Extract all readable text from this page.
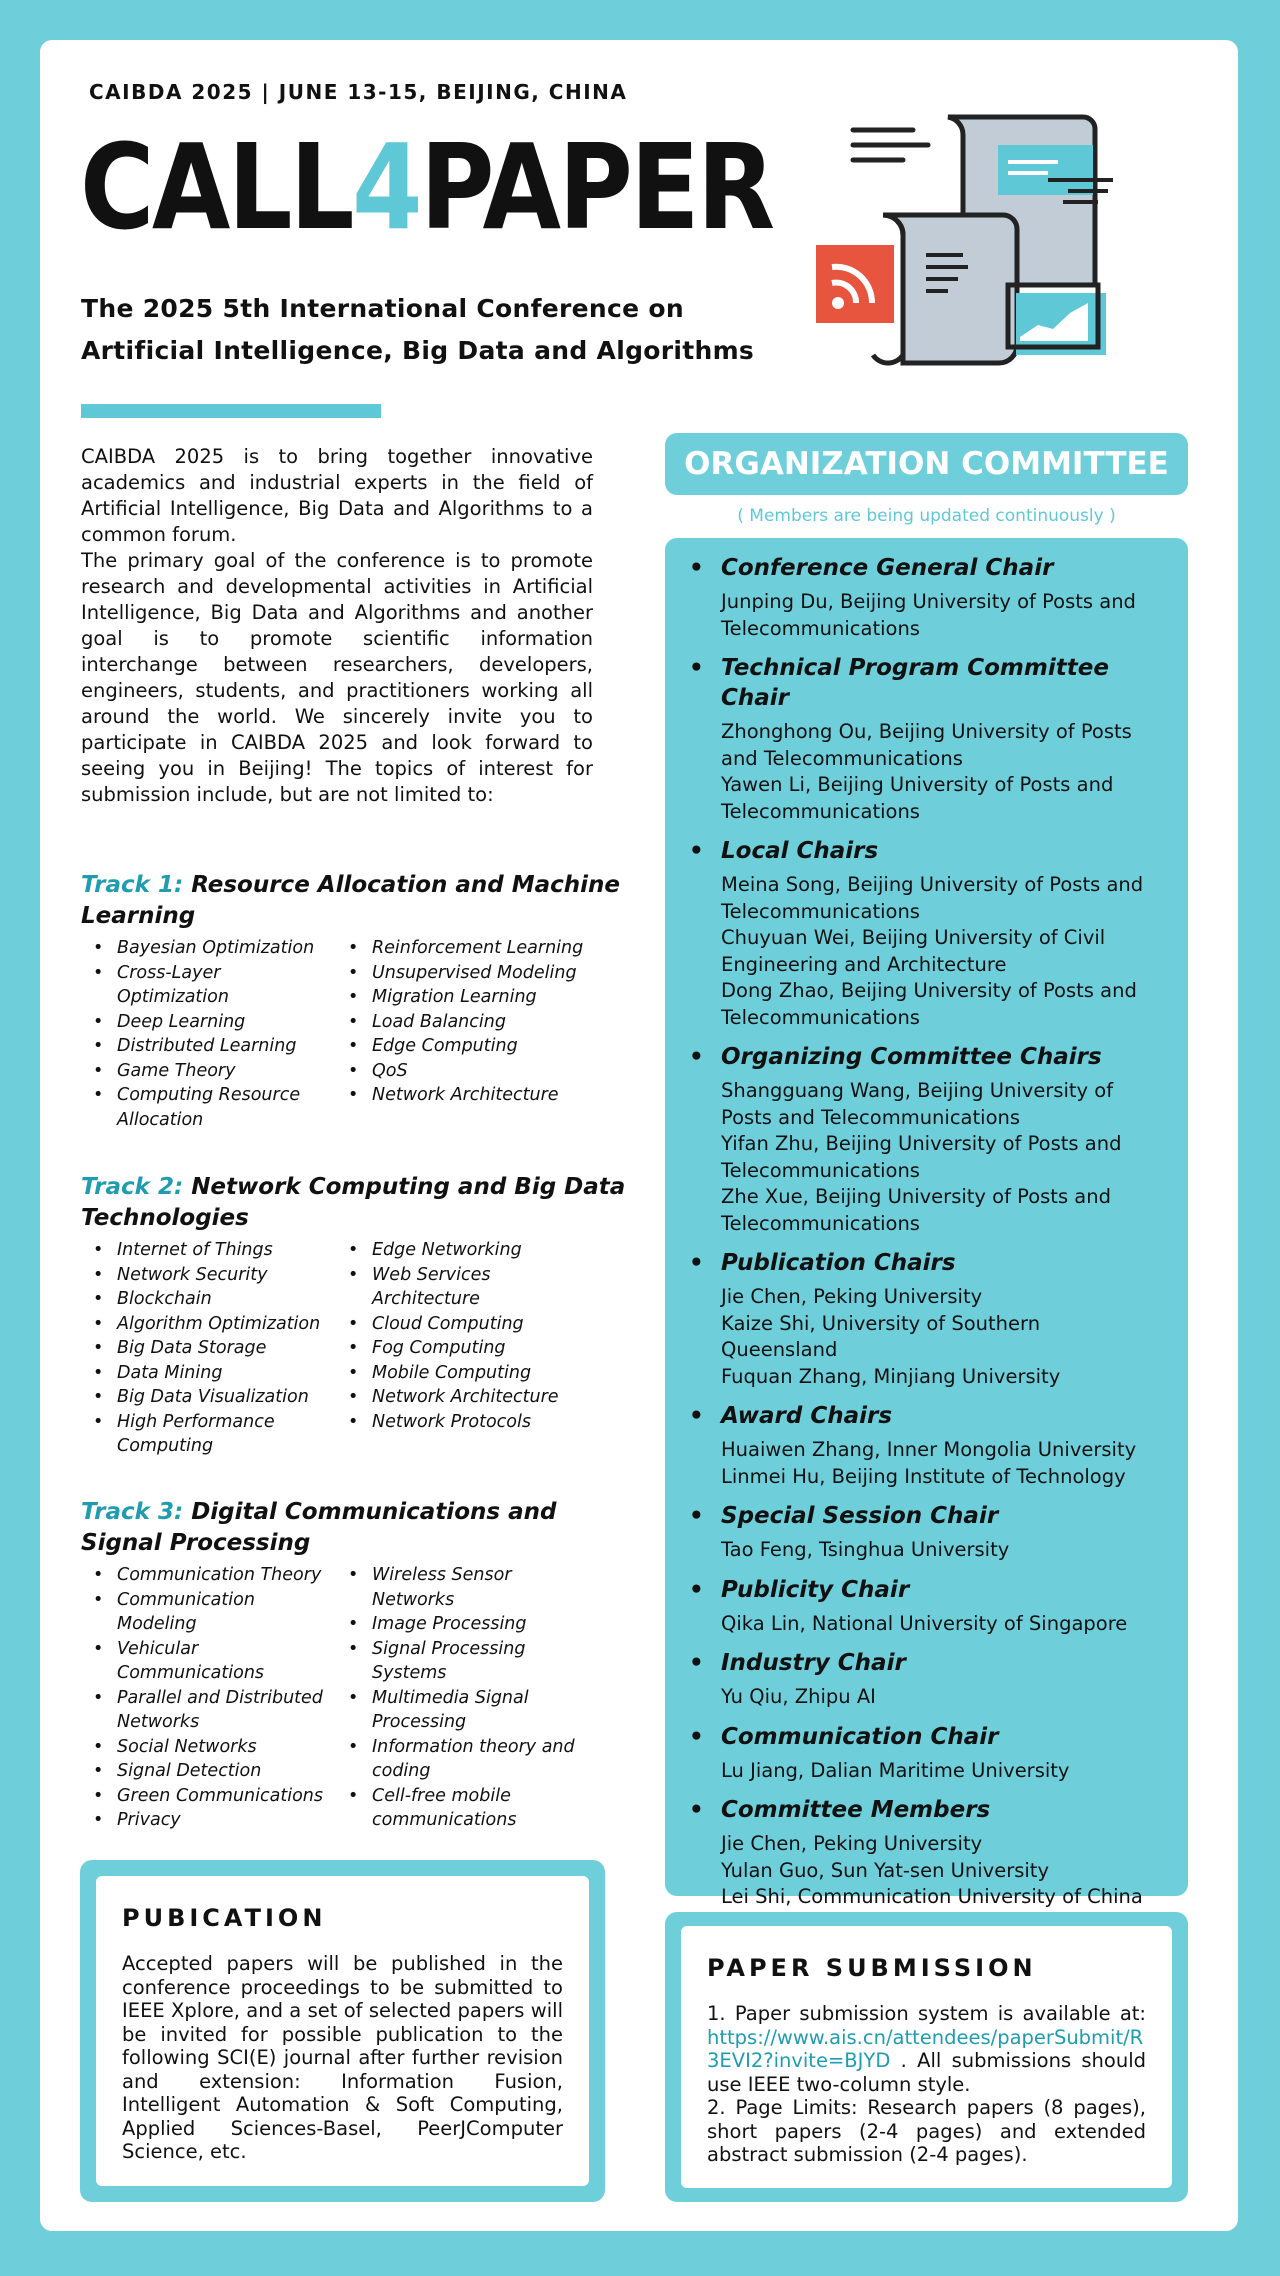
CAIBDA 2025 | JUNE 13-15, BEIJING, CHINA
CALL4PAPER
The 2025 5th International Conference on
Artificial Intelligence, Big Data and Algorithms

CAIBDA 2025 is to bring together innovative academics and industrial experts in the field of Artificial Intelligence, Big Data and Algorithms to a common forum.

The primary goal of the conference is to promote research and developmental activities in Artificial Intelligence, Big Data and Algorithms and another goal is to promote scientific information interchange between researchers, developers, engineers, students, and practitioners working all around the world. We sincerely invite you to participate in CAIBDA 2025 and look forward to seeing you in Beijing! The topics of interest for submission include, but are not limited to:

Track 1: Resource Allocation and Machine Learning
• Bayesian Optimization
• Cross-Layer Optimization
• Deep Learning
• Distributed Learning
• Game Theory
• Computing Resource Allocation
• Reinforcement Learning
• Unsupervised Modeling
• Migration Learning
• Load Balancing
• Edge Computing
• QoS
• Network Architecture
Track 2: Network Computing and Big Data Technologies
• Internet of Things
• Network Security
• Blockchain
• Algorithm Optimization
• Big Data Storage
• Data Mining
• Big Data Visualization
• High Performance Computing
• Edge Networking
• Web Services Architecture
• Cloud Computing
• Fog Computing
• Mobile Computing
• Network Architecture
• Network Protocols
Track 3: Digital Communications and Signal Processing
• Communication Theory
• Communication Modeling
• Vehicular Communications
• Parallel and Distributed Networks
• Social Networks
• Signal Detection
• Green Communications
• Privacy
• Wireless Sensor Networks
• Image Processing
• Signal Processing Systems
• Multimedia Signal Processing
• Information theory and coding
• Cell-free mobile communications
PUBICATION
Accepted papers will be published in the conference proceedings to be submitted to IEEE Xplore, and a set of selected papers will be invited for possible publication to the following SCI(E) journal after further revision and extension: Information Fusion, Intelligent Automation & Soft Computing, Applied Sciences-Basel, PeerJComputer Science, etc.
ORGANIZATION COMMITTEE
( Members are being updated continuously )
• Conference General Chair
Junping Du, Beijing University of Posts and Telecommunications
• Technical Program Committee Chair
Zhonghong Ou, Beijing University of Posts and Telecommunications
Yawen Li, Beijing University of Posts and Telecommunications
• Local Chairs
Meina Song, Beijing University of Posts and Telecommunications
Chuyuan Wei, Beijing University of Civil Engineering and Architecture
Dong Zhao, Beijing University of Posts and Telecommunications
• Organizing Committee Chairs
Shangguang Wang, Beijing University of Posts and Telecommunications
Yifan Zhu, Beijing University of Posts and Telecommunications
Zhe Xue, Beijing University of Posts and Telecommunications
• Publication Chairs
Jie Chen, Peking University
Kaize Shi, University of Southern Queensland
Fuquan Zhang, Minjiang University
• Award Chairs
Huaiwen Zhang, Inner Mongolia University
Linmei Hu, Beijing Institute of Technology
• Special Session Chair
Tao Feng, Tsinghua University
• Publicity Chair
Qika Lin, National University of Singapore
• Industry Chair
Yu Qiu, Zhipu AI
• Communication Chair
Lu Jiang, Dalian Maritime University
• Committee Members
Jie Chen, Peking University
Yulan Guo, Sun Yat-sen University
Lei Shi, Communication University of China
PAPER SUBMISSION
1. Paper submission system is available at: https://www.ais.cn/attendees/paperSubmit/R3EVI2?invite=BJYD . All submissions should use IEEE two-column style.
2. Page Limits: Research papers (8 pages), short papers (2-4 pages) and extended abstract submission (2-4 pages).
